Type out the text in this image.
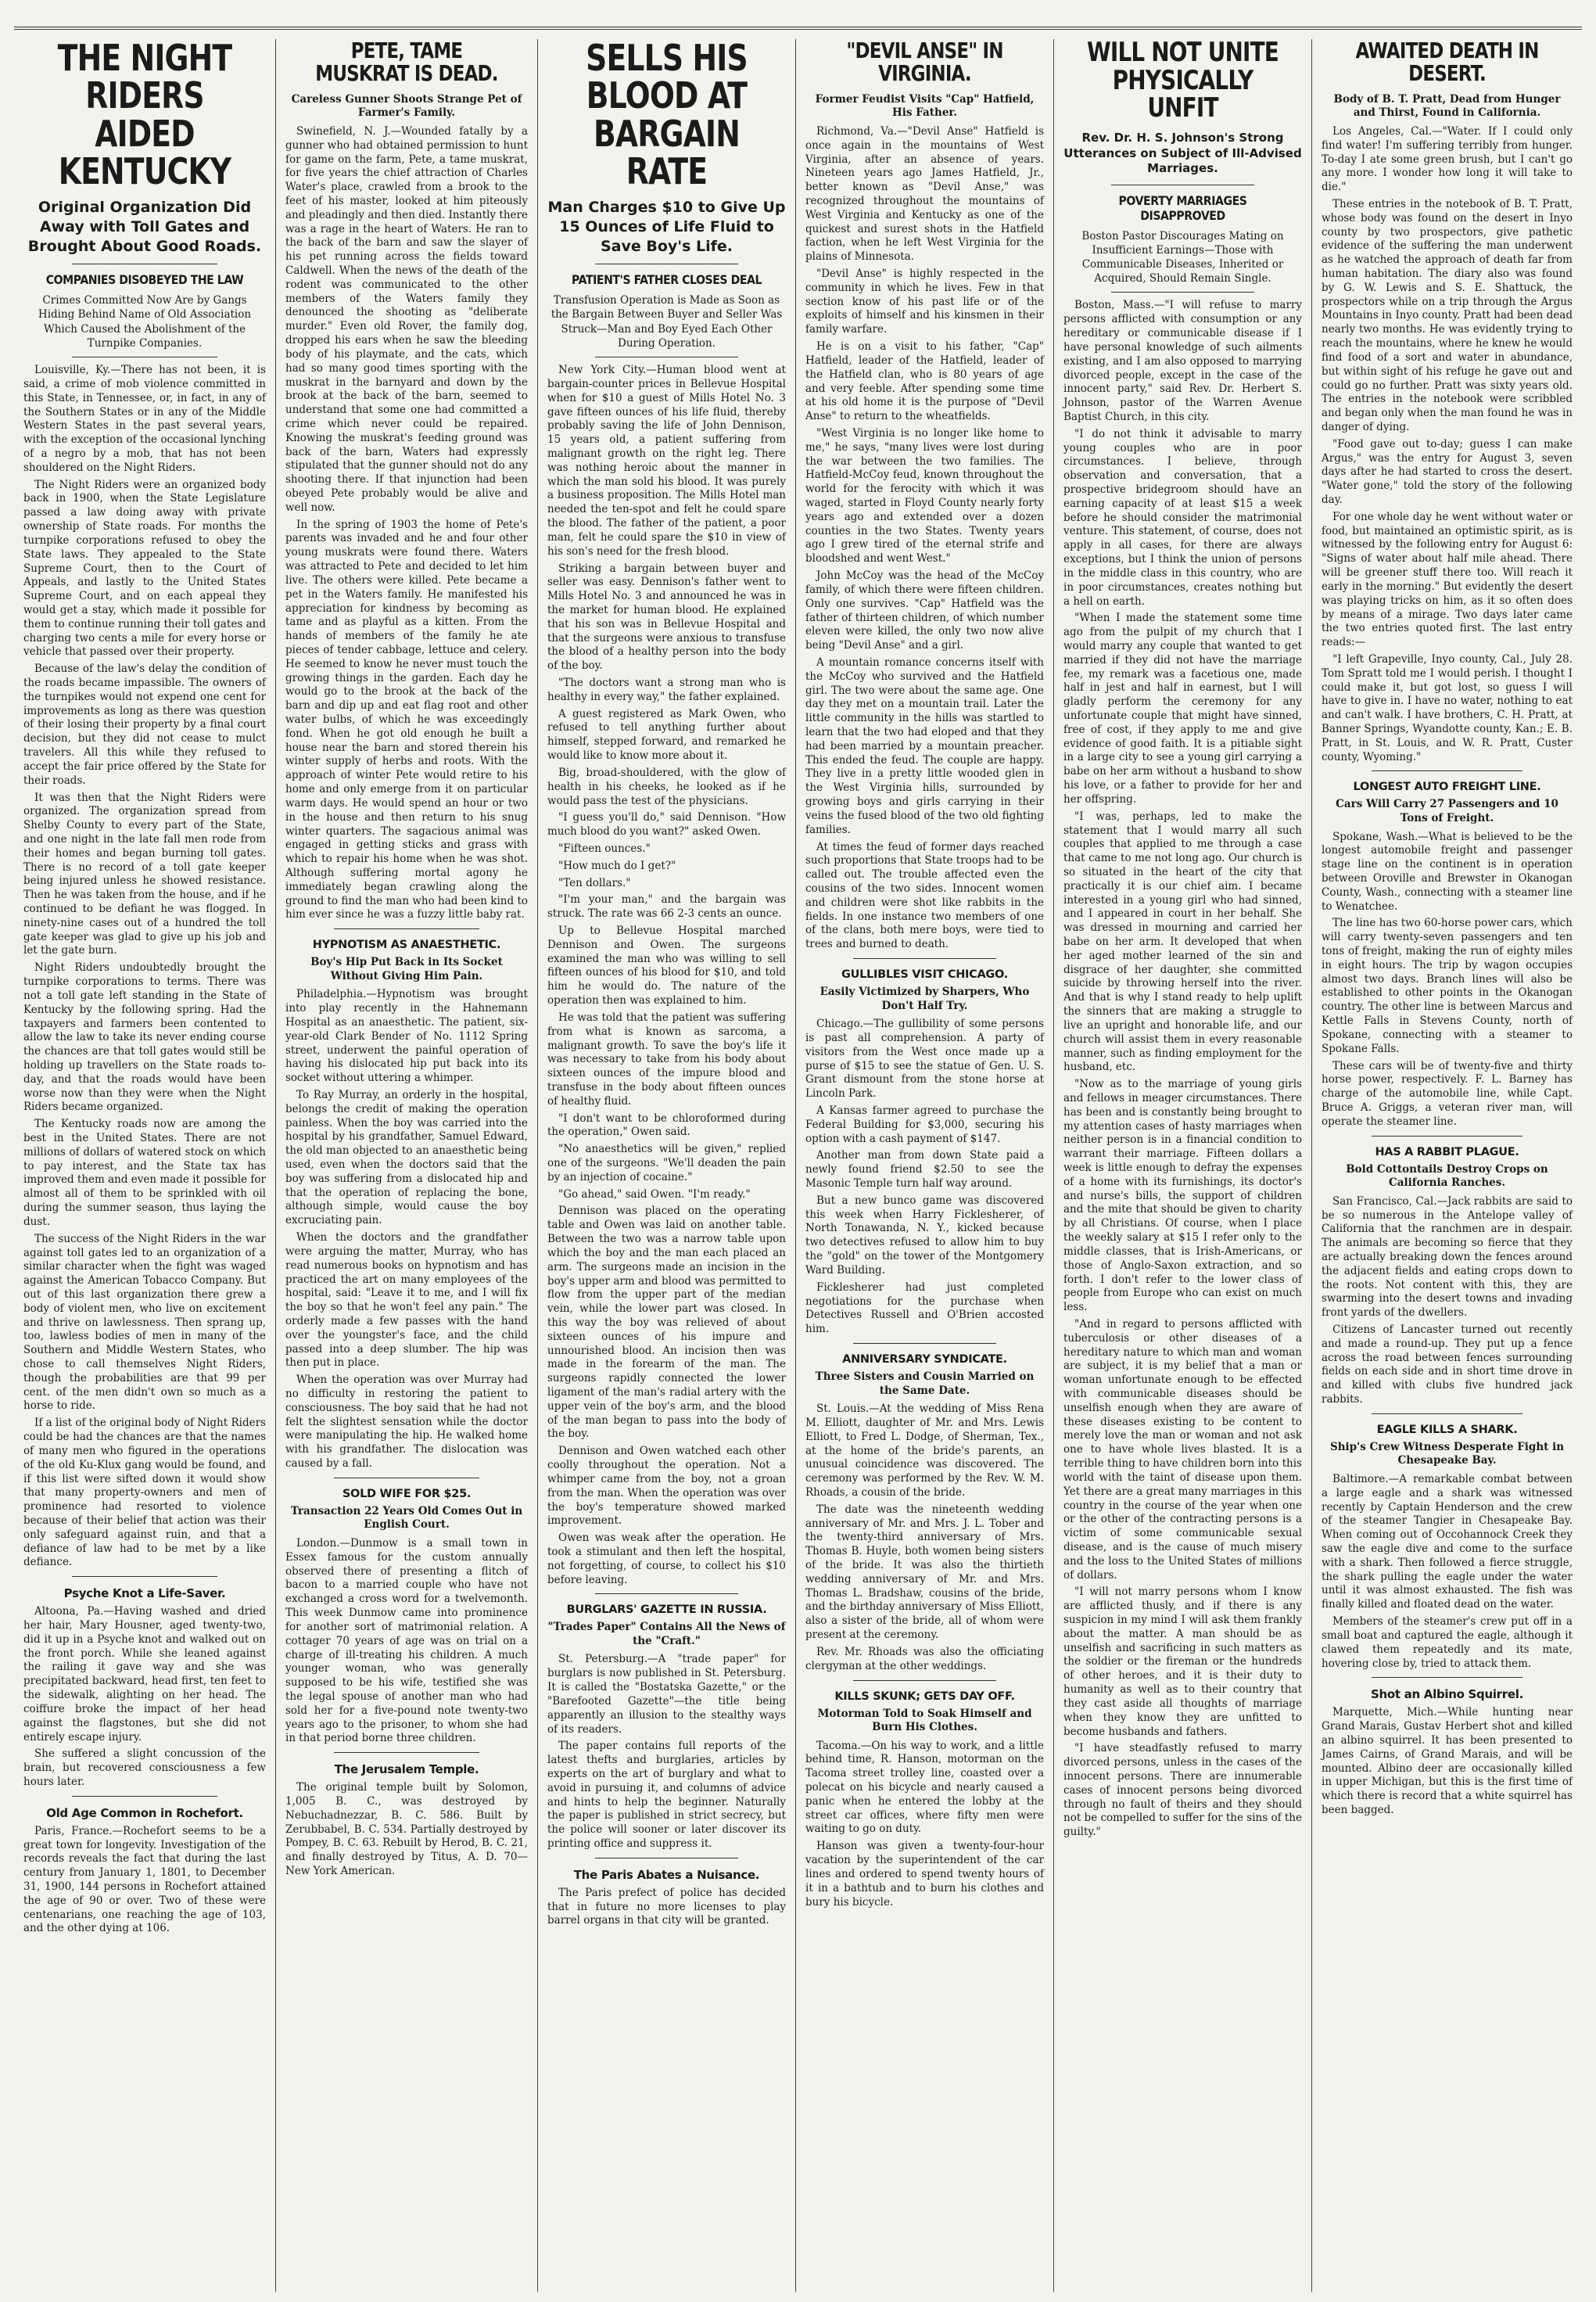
THE NIGHT RIDERS AIDED KENTUCKY
Original Organization Did Away with Toll Gates and Brought About Good Roads.
COMPANIES DISOBEYED THE LAW
Crimes Committed Now Are by Gangs Hiding Behind Name of Old Association Which Caused the Abolishment of the Turnpike Companies.

Louisville, Ky.—There has not been, it is said, a crime of mob violence committed in this State, in Tennessee, or, in fact, in any of the Southern States or in any of the Middle Western States in the past several years, with the exception of the occasional lynching of a negro by a mob, that has not been shouldered on the Night Riders.

The Night Riders were an organized body back in 1900, when the State Legislature passed a law doing away with private ownership of State roads. For months the turnpike corporations refused to obey the State laws. They appealed to the State Supreme Court, then to the Court of Appeals, and lastly to the United States Supreme Court, and on each appeal they would get a stay, which made it possible for them to continue running their toll gates and charging two cents a mile for every horse or vehicle that passed over their property.

Because of the law's delay the condition of the roads became impassible. The owners of the turnpikes would not expend one cent for improvements as long as there was question of their losing their property by a final court decision, but they did not cease to mulct travelers. All this while they refused to accept the fair price offered by the State for their roads.

It was then that the Night Riders were organized. The organization spread from Shelby County to every part of the State, and one night in the late fall men rode from their homes and began burning toll gates. There is no record of a toll gate keeper being injured unless he showed resistance. Then he was taken from the house, and if he continued to be defiant he was flogged. In ninety-nine cases out of a hundred the toll gate keeper was glad to give up his job and let the gate burn.

Night Riders undoubtedly brought the turnpike corporations to terms. There was not a toll gate left standing in the State of Kentucky by the following spring. Had the taxpayers and farmers been contented to allow the law to take its never ending course the chances are that toll gates would still be holding up travellers on the State roads to-day, and that the roads would have been worse now than they were when the Night Riders became organized.

The Kentucky roads now are among the best in the United States. There are not millions of dollars of watered stock on which to pay interest, and the State tax has improved them and even made it possible for almost all of them to be sprinkled with oil during the summer season, thus laying the dust.

The success of the Night Riders in the war against toll gates led to an organization of a similar character when the fight was waged against the American Tobacco Company. But out of this last organization there grew a body of violent men, who live on excitement and thrive on lawlessness. Then sprang up, too, lawless bodies of men in many of the Southern and Middle Western States, who chose to call themselves Night Riders, though the probabilities are that 99 per cent. of the men didn't own so much as a horse to ride.

If a list of the original body of Night Riders could be had the chances are that the names of many men who figured in the operations of the old Ku-Klux gang would be found, and if this list were sifted down it would show that many property-owners and men of prominence had resorted to violence because of their belief that action was their only safeguard against ruin, and that a defiance of law had to be met by a like defiance.

Psyche Knot a Life-Saver.

Altoona, Pa.—Having washed and dried her hair, Mary Housner, aged twenty-two, did it up in a Psyche knot and walked out on the front porch. While she leaned against the railing it gave way and she was precipitated backward, head first, ten feet to the sidewalk, alighting on her head. The coiffure broke the impact of her head against the flagstones, but she did not entirely escape injury.

She suffered a slight concussion of the brain, but recovered consciousness a few hours later.

Old Age Common in Rochefort.

Paris, France.—Rochefort seems to be a great town for longevity. Investigation of the records reveals the fact that during the last century from January 1, 1801, to December 31, 1900, 144 persons in Rochefort attained the age of 90 or over. Two of these were centenarians, one reaching the age of 103, and the other dying at 106.

PETE, TAME MUSKRAT IS DEAD.
Careless Gunner Shoots Strange Pet of Farmer's Family.

Swinefield, N. J.—Wounded fatally by a gunner who had obtained permission to hunt for game on the farm, Pete, a tame muskrat, for five years the chief attraction of Charles Water's place, crawled from a brook to the feet of his master, looked at him piteously and pleadingly and then died. Instantly there was a rage in the heart of Waters. He ran to the back of the barn and saw the slayer of his pet running across the fields toward Caldwell. When the news of the death of the rodent was communicated to the other members of the Waters family they denounced the shooting as "deliberate murder." Even old Rover, the family dog, dropped his ears when he saw the bleeding body of his playmate, and the cats, which had so many good times sporting with the muskrat in the barnyard and down by the brook at the back of the barn, seemed to understand that some one had committed a crime which never could be repaired. Knowing the muskrat's feeding ground was back of the barn, Waters had expressly stipulated that the gunner should not do any shooting there. If that injunction had been obeyed Pete probably would be alive and well now.

In the spring of 1903 the home of Pete's parents was invaded and he and four other young muskrats were found there. Waters was attracted to Pete and decided to let him live. The others were killed. Pete became a pet in the Waters family. He manifested his appreciation for kindness by becoming as tame and as playful as a kitten. From the hands of members of the family he ate pieces of tender cabbage, lettuce and celery. He seemed to know he never must touch the growing things in the garden. Each day he would go to the brook at the back of the barn and dip up and eat flag root and other water bulbs, of which he was exceedingly fond. When he got old enough he built a house near the barn and stored therein his winter supply of herbs and roots. With the approach of winter Pete would retire to his home and only emerge from it on particular warm days. He would spend an hour or two in the house and then return to his snug winter quarters. The sagacious animal was engaged in getting sticks and grass with which to repair his home when he was shot. Although suffering mortal agony he immediately began crawling along the ground to find the man who had been kind to him ever since he was a fuzzy little baby rat.

HYPNOTISM AS ANAESTHETIC.
Boy's Hip Put Back in Its Socket Without Giving Him Pain.

Philadelphia.—Hypnotism was brought into play recently in the Hahnemann Hospital as an anaesthetic. The patient, six-year-old Clark Bender of No. 1112 Spring street, underwent the painful operation of having his dislocated hip put back into its socket without uttering a whimper.

To Ray Murray, an orderly in the hospital, belongs the credit of making the operation painless. When the boy was carried into the hospital by his grandfather, Samuel Edward, the old man objected to an anaesthetic being used, even when the doctors said that the boy was suffering from a dislocated hip and that the operation of replacing the bone, although simple, would cause the boy excruciating pain.

When the doctors and the grandfather were arguing the matter, Murray, who has read numerous books on hypnotism and has practiced the art on many employees of the hospital, said: "Leave it to me, and I will fix the boy so that he won't feel any pain." The orderly made a few passes with the hand over the youngster's face, and the child passed into a deep slumber. The hip was then put in place.

When the operation was over Murray had no difficulty in restoring the patient to consciousness. The boy said that he had not felt the slightest sensation while the doctor were manipulating the hip. He walked home with his grandfather. The dislocation was caused by a fall.

SOLD WIFE FOR $25.
Transaction 22 Years Old Comes Out in English Court.

London.—Dunmow is a small town in Essex famous for the custom annually observed there of presenting a flitch of bacon to a married couple who have not exchanged a cross word for a twelvemonth. This week Dunmow came into prominence for another sort of matrimonial relation. A cottager 70 years of age was on trial on a charge of ill-treating his children. A much younger woman, who was generally supposed to be his wife, testified she was the legal spouse of another man who had sold her for a five-pound note twenty-two years ago to the prisoner, to whom she had in that period borne three children.

The Jerusalem Temple.

The original temple built by Solomon, 1,005 B. C., was destroyed by Nebuchadnezzar, B. C. 586. Built by Zerubbabel, B. C. 534. Partially destroyed by Pompey, B. C. 63. Rebuilt by Herod, B. C. 21, and finally destroyed by Titus, A. D. 70—New York American.

SELLS HIS BLOOD AT BARGAIN RATE
Man Charges $10 to Give Up 15 Ounces of Life Fluid to Save Boy's Life.
PATIENT'S FATHER CLOSES DEAL
Transfusion Operation is Made as Soon as the Bargain Between Buyer and Seller Was Struck—Man and Boy Eyed Each Other During Operation.

New York City.—Human blood went at bargain-counter prices in Bellevue Hospital when for $10 a guest of Mills Hotel No. 3 gave fifteen ounces of his life fluid, thereby probably saving the life of John Dennison, 15 years old, a patient suffering from malignant growth on the right leg. There was nothing heroic about the manner in which the man sold his blood. It was purely a business proposition. The Mills Hotel man needed the ten-spot and felt he could spare the blood. The father of the patient, a poor man, felt he could spare the $10 in view of his son's need for the fresh blood.

Striking a bargain between buyer and seller was easy. Dennison's father went to Mills Hotel No. 3 and announced he was in the market for human blood. He explained that his son was in Bellevue Hospital and that the surgeons were anxious to transfuse the blood of a healthy person into the body of the boy.

"The doctors want a strong man who is healthy in every way," the father explained.

A guest registered as Mark Owen, who refused to tell anything further about himself, stepped forward, and remarked he would like to know more about it.

Big, broad-shouldered, with the glow of health in his cheeks, he looked as if he would pass the test of the physicians.

"I guess you'll do," said Dennison. "How much blood do you want?" asked Owen.

"Fifteen ounces."

"How much do I get?"

"Ten dollars."

"I'm your man," and the bargain was struck. The rate was 66 2-3 cents an ounce.

Up to Bellevue Hospital marched Dennison and Owen. The surgeons examined the man who was willing to sell fifteen ounces of his blood for $10, and told him he would do. The nature of the operation then was explained to him.

He was told that the patient was suffering from what is known as sarcoma, a malignant growth. To save the boy's life it was necessary to take from his body about sixteen ounces of the impure blood and transfuse in the body about fifteen ounces of healthy fluid.

"I don't want to be chloroformed during the operation," Owen said.

"No anaesthetics will be given," replied one of the surgeons. "We'll deaden the pain by an injection of cocaine."

"Go ahead," said Owen. "I'm ready."

Dennison was placed on the operating table and Owen was laid on another table. Between the two was a narrow table upon which the boy and the man each placed an arm. The surgeons made an incision in the boy's upper arm and blood was permitted to flow from the upper part of the median vein, while the lower part was closed. In this way the boy was relieved of about sixteen ounces of his impure and unnourished blood. An incision then was made in the forearm of the man. The surgeons rapidly connected the lower ligament of the man's radial artery with the upper vein of the boy's arm, and the blood of the man began to pass into the body of the boy.

Dennison and Owen watched each other coolly throughout the operation. Not a whimper came from the boy, not a groan from the man. When the operation was over the boy's temperature showed marked improvement.

Owen was weak after the operation. He took a stimulant and then left the hospital, not forgetting, of course, to collect his $10 before leaving.

BURGLARS' GAZETTE IN RUSSIA.
"Trades Paper" Contains All the News of the "Craft."

St. Petersburg.—A "trade paper" for burglars is now published in St. Petersburg. It is called the "Bostatska Gazette," or the "Barefooted Gazette"—the title being apparently an illusion to the stealthy ways of its readers.

The paper contains full reports of the latest thefts and burglaries, articles by experts on the art of burglary and what to avoid in pursuing it, and columns of advice and hints to help the beginner. Naturally the paper is published in strict secrecy, but the police will sooner or later discover its printing office and suppress it.

The Paris Abates a Nuisance.

The Paris prefect of police has decided that in future no more licenses to play barrel organs in that city will be granted.

"DEVIL ANSE" IN VIRGINIA.
Former Feudist Visits "Cap" Hatfield, His Father.

Richmond, Va.—"Devil Anse" Hatfield is once again in the mountains of West Virginia, after an absence of years. Nineteen years ago James Hatfield, Jr., better known as "Devil Anse," was recognized throughout the mountains of West Virginia and Kentucky as one of the quickest and surest shots in the Hatfield faction, when he left West Virginia for the plains of Minnesota.

"Devil Anse" is highly respected in the community in which he lives. Few in that section know of his past life or of the exploits of himself and his kinsmen in their family warfare.

He is on a visit to his father, "Cap" Hatfield, leader of the Hatfield, leader of the Hatfield clan, who is 80 years of age and very feeble. After spending some time at his old home it is the purpose of "Devil Anse" to return to the wheatfields.

"West Virginia is no longer like home to me," he says, "many lives were lost during the war between the two families. The Hatfield-McCoy feud, known throughout the world for the ferocity with which it was waged, started in Floyd County nearly forty years ago and extended over a dozen counties in the two States. Twenty years ago I grew tired of the eternal strife and bloodshed and went West."

John McCoy was the head of the McCoy family, of which there were fifteen children. Only one survives. "Cap" Hatfield was the father of thirteen children, of which number eleven were killed, the only two now alive being "Devil Anse" and a girl.

A mountain romance concerns itself with the McCoy who survived and the Hatfield girl. The two were about the same age. One day they met on a mountain trail. Later the little community in the hills was startled to learn that the two had eloped and that they had been married by a mountain preacher. This ended the feud. The couple are happy. They live in a pretty little wooded glen in the West Virginia hills, surrounded by growing boys and girls carrying in their veins the fused blood of the two old fighting families.

At times the feud of former days reached such proportions that State troops had to be called out. The trouble affected even the cousins of the two sides. Innocent women and children were shot like rabbits in the fields. In one instance two members of one of the clans, both mere boys, were tied to trees and burned to death.

GULLIBLES VISIT CHICAGO.
Easily Victimized by Sharpers, Who Don't Half Try.

Chicago.—The gullibility of some persons is past all comprehension. A party of visitors from the West once made up a purse of $15 to see the statue of Gen. U. S. Grant dismount from the stone horse at Lincoln Park.

A Kansas farmer agreed to purchase the Federal Building for $3,000, securing his option with a cash payment of $147.

Another man from down State paid a newly found friend $2.50 to see the Masonic Temple turn half way around.

But a new bunco game was discovered this week when Harry Ficklesherer, of North Tonawanda, N. Y., kicked because two detectives refused to allow him to buy the "gold" on the tower of the Montgomery Ward Building.

Ficklesherer had just completed negotiations for the purchase when Detectives Russell and O'Brien accosted him.

ANNIVERSARY SYNDICATE.
Three Sisters and Cousin Married on the Same Date.

St. Louis.—At the wedding of Miss Rena M. Elliott, daughter of Mr. and Mrs. Lewis Elliott, to Fred L. Dodge, of Sherman, Tex., at the home of the bride's parents, an unusual coincidence was discovered. The ceremony was performed by the Rev. W. M. Rhoads, a cousin of the bride.

The date was the nineteenth wedding anniversary of Mr. and Mrs. J. L. Tober and the twenty-third anniversary of Mrs. Thomas B. Huyle, both women being sisters of the bride. It was also the thirtieth wedding anniversary of Mr. and Mrs. Thomas L. Bradshaw, cousins of the bride, and the birthday anniversary of Miss Elliott, also a sister of the bride, all of whom were present at the ceremony.

Rev. Mr. Rhoads was also the officiating clergyman at the other weddings.

KILLS SKUNK; GETS DAY OFF.
Motorman Told to Soak Himself and Burn His Clothes.

Tacoma.—On his way to work, and a little behind time, R. Hanson, motorman on the Tacoma street trolley line, coasted over a polecat on his bicycle and nearly caused a panic when he entered the lobby at the street car offices, where fifty men were waiting to go on duty.

Hanson was given a twenty-four-hour vacation by the superintendent of the car lines and ordered to spend twenty hours of it in a bathtub and to burn his clothes and bury his bicycle.

WILL NOT UNITE PHYSICALLY UNFIT
Rev. Dr. H. S. Johnson's Strong Utterances on Subject of Ill-Advised Marriages.
POVERTY MARRIAGES DISAPPROVED
Boston Pastor Discourages Mating on Insufficient Earnings—Those with Communicable Diseases, Inherited or Acquired, Should Remain Single.

Boston, Mass.—"I will refuse to marry persons afflicted with consumption or any hereditary or communicable disease if I have personal knowledge of such ailments existing, and I am also opposed to marrying divorced people, except in the case of the innocent party," said Rev. Dr. Herbert S. Johnson, pastor of the Warren Avenue Baptist Church, in this city.

"I do not think it advisable to marry young couples who are in poor circumstances. I believe, through observation and conversation, that a prospective bridegroom should have an earning capacity of at least $15 a week before he should consider the matrimonial venture. This statement, of course, does not apply in all cases, for there are always exceptions, but I think the union of persons in the middle class in this country, who are in poor circumstances, creates nothing but a hell on earth.

"When I made the statement some time ago from the pulpit of my church that I would marry any couple that wanted to get married if they did not have the marriage fee, my remark was a facetious one, made half in jest and half in earnest, but I will gladly perform the ceremony for any unfortunate couple that might have sinned, free of cost, if they apply to me and give evidence of good faith. It is a pitiable sight in a large city to see a young girl carrying a babe on her arm without a husband to show his love, or a father to provide for her and her offspring.

"I was, perhaps, led to make the statement that I would marry all such couples that applied to me through a case that came to me not long ago. Our church is so situated in the heart of the city that practically it is our chief aim. I became interested in a young girl who had sinned, and I appeared in court in her behalf. She was dressed in mourning and carried her babe on her arm. It developed that when her aged mother learned of the sin and disgrace of her daughter, she committed suicide by throwing herself into the river. And that is why I stand ready to help uplift the sinners that are making a struggle to live an upright and honorable life, and our church will assist them in every reasonable manner, such as finding employment for the husband, etc.

"Now as to the marriage of young girls and fellows in meager circumstances. There has been and is constantly being brought to my attention cases of hasty marriages when neither person is in a financial condition to warrant their marriage. Fifteen dollars a week is little enough to defray the expenses of a home with its furnishings, its doctor's and nurse's bills, the support of children and the mite that should be given to charity by all Christians. Of course, when I place the weekly salary at $15 I refer only to the middle classes, that is Irish-Americans, or those of Anglo-Saxon extraction, and so forth. I don't refer to the lower class of people from Europe who can exist on much less.

"And in regard to persons afflicted with tuberculosis or other diseases of a hereditary nature to which man and woman are subject, it is my belief that a man or woman unfortunate enough to be effected with communicable diseases should be unselfish enough when they are aware of these diseases existing to be content to merely love the man or woman and not ask one to have whole lives blasted. It is a terrible thing to have children born into this world with the taint of disease upon them. Yet there are a great many marriages in this country in the course of the year when one or the other of the contracting persons is a victim of some communicable sexual disease, and is the cause of much misery and the loss to the United States of millions of dollars.

"I will not marry persons whom I know are afflicted thusly, and if there is any suspicion in my mind I will ask them frankly about the matter. A man should be as unselfish and sacrificing in such matters as the soldier or the fireman or the hundreds of other heroes, and it is their duty to humanity as well as to their country that they cast aside all thoughts of marriage when they know they are unfitted to become husbands and fathers.

"I have steadfastly refused to marry divorced persons, unless in the cases of the innocent persons. There are innumerable cases of innocent persons being divorced through no fault of theirs and they should not be compelled to suffer for the sins of the guilty."

AWAITED DEATH IN DESERT.
Body of B. T. Pratt, Dead from Hunger and Thirst, Found in California.

Los Angeles, Cal.—"Water. If I could only find water! I'm suffering terribly from hunger. To-day I ate some green brush, but I can't go any more. I wonder how long it will take to die."

These entries in the notebook of B. T. Pratt, whose body was found on the desert in Inyo county by two prospectors, give pathetic evidence of the suffering the man underwent as he watched the approach of death far from human habitation. The diary also was found by G. W. Lewis and S. E. Shattuck, the prospectors while on a trip through the Argus Mountains in Inyo county. Pratt had been dead nearly two months. He was evidently trying to reach the mountains, where he knew he would find food of a sort and water in abundance, but within sight of his refuge he gave out and could go no further. Pratt was sixty years old. The entries in the notebook were scribbled and began only when the man found he was in danger of dying.

"Food gave out to-day; guess I can make Argus," was the entry for August 3, seven days after he had started to cross the desert. "Water gone," told the story of the following day.

For one whole day he went without water or food, but maintained an optimistic spirit, as is witnessed by the following entry for August 6: "Signs of water about half mile ahead. There will be greener stuff there too. Will reach it early in the morning." But evidently the desert was playing tricks on him, as it so often does by means of a mirage. Two days later came the two entries quoted first. The last entry reads:—

"I left Grapeville, Inyo county, Cal., July 28. Tom Spratt told me I would perish. I thought I could make it, but got lost, so guess I will have to give in. I have no water, nothing to eat and can't walk. I have brothers, C. H. Pratt, at Banner Springs, Wyandotte county, Kan.; E. B. Pratt, in St. Louis, and W. R. Pratt, Custer county, Wyoming."

LONGEST AUTO FREIGHT LINE.
Cars Will Carry 27 Passengers and 10 Tons of Freight.

Spokane, Wash.—What is believed to be the longest automobile freight and passenger stage line on the continent is in operation between Oroville and Brewster in Okanogan County, Wash., connecting with a steamer line to Wenatchee.

The line has two 60-horse power cars, which will carry twenty-seven passengers and ten tons of freight, making the run of eighty miles in eight hours. The trip by wagon occupies almost two days. Branch lines will also be established to other points in the Okanogan country. The other line is between Marcus and Kettle Falls in Stevens County, north of Spokane, connecting with a steamer to Spokane Falls.

These cars will be of twenty-five and thirty horse power, respectively. F. L. Barney has charge of the automobile line, while Capt. Bruce A. Griggs, a veteran river man, will operate the steamer line.

HAS A RABBIT PLAGUE.
Bold Cottontails Destroy Crops on California Ranches.

San Francisco, Cal.—Jack rabbits are said to be so numerous in the Antelope valley of California that the ranchmen are in despair. The animals are becoming so fierce that they are actually breaking down the fences around the adjacent fields and eating crops down to the roots. Not content with this, they are swarming into the desert towns and invading front yards of the dwellers.

Citizens of Lancaster turned out recently and made a round-up. They put up a fence across the road between fences surrounding fields on each side and in short time drove in and killed with clubs five hundred jack rabbits.

EAGLE KILLS A SHARK.
Ship's Crew Witness Desperate Fight in Chesapeake Bay.

Baltimore.—A remarkable combat between a large eagle and a shark was witnessed recently by Captain Henderson and the crew of the steamer Tangier in Chesapeake Bay. When coming out of Occohannock Creek they saw the eagle dive and come to the surface with a shark. Then followed a fierce struggle, the shark pulling the eagle under the water until it was almost exhausted. The fish was finally killed and floated dead on the water.

Members of the steamer's crew put off in a small boat and captured the eagle, although it clawed them repeatedly and its mate, hovering close by, tried to attack them.

Shot an Albino Squirrel.

Marquette, Mich.—While hunting near Grand Marais, Gustav Herbert shot and killed an albino squirrel. It has been presented to James Cairns, of Grand Marais, and will be mounted. Albino deer are occasionally killed in upper Michigan, but this is the first time of which there is record that a white squirrel has been bagged.
